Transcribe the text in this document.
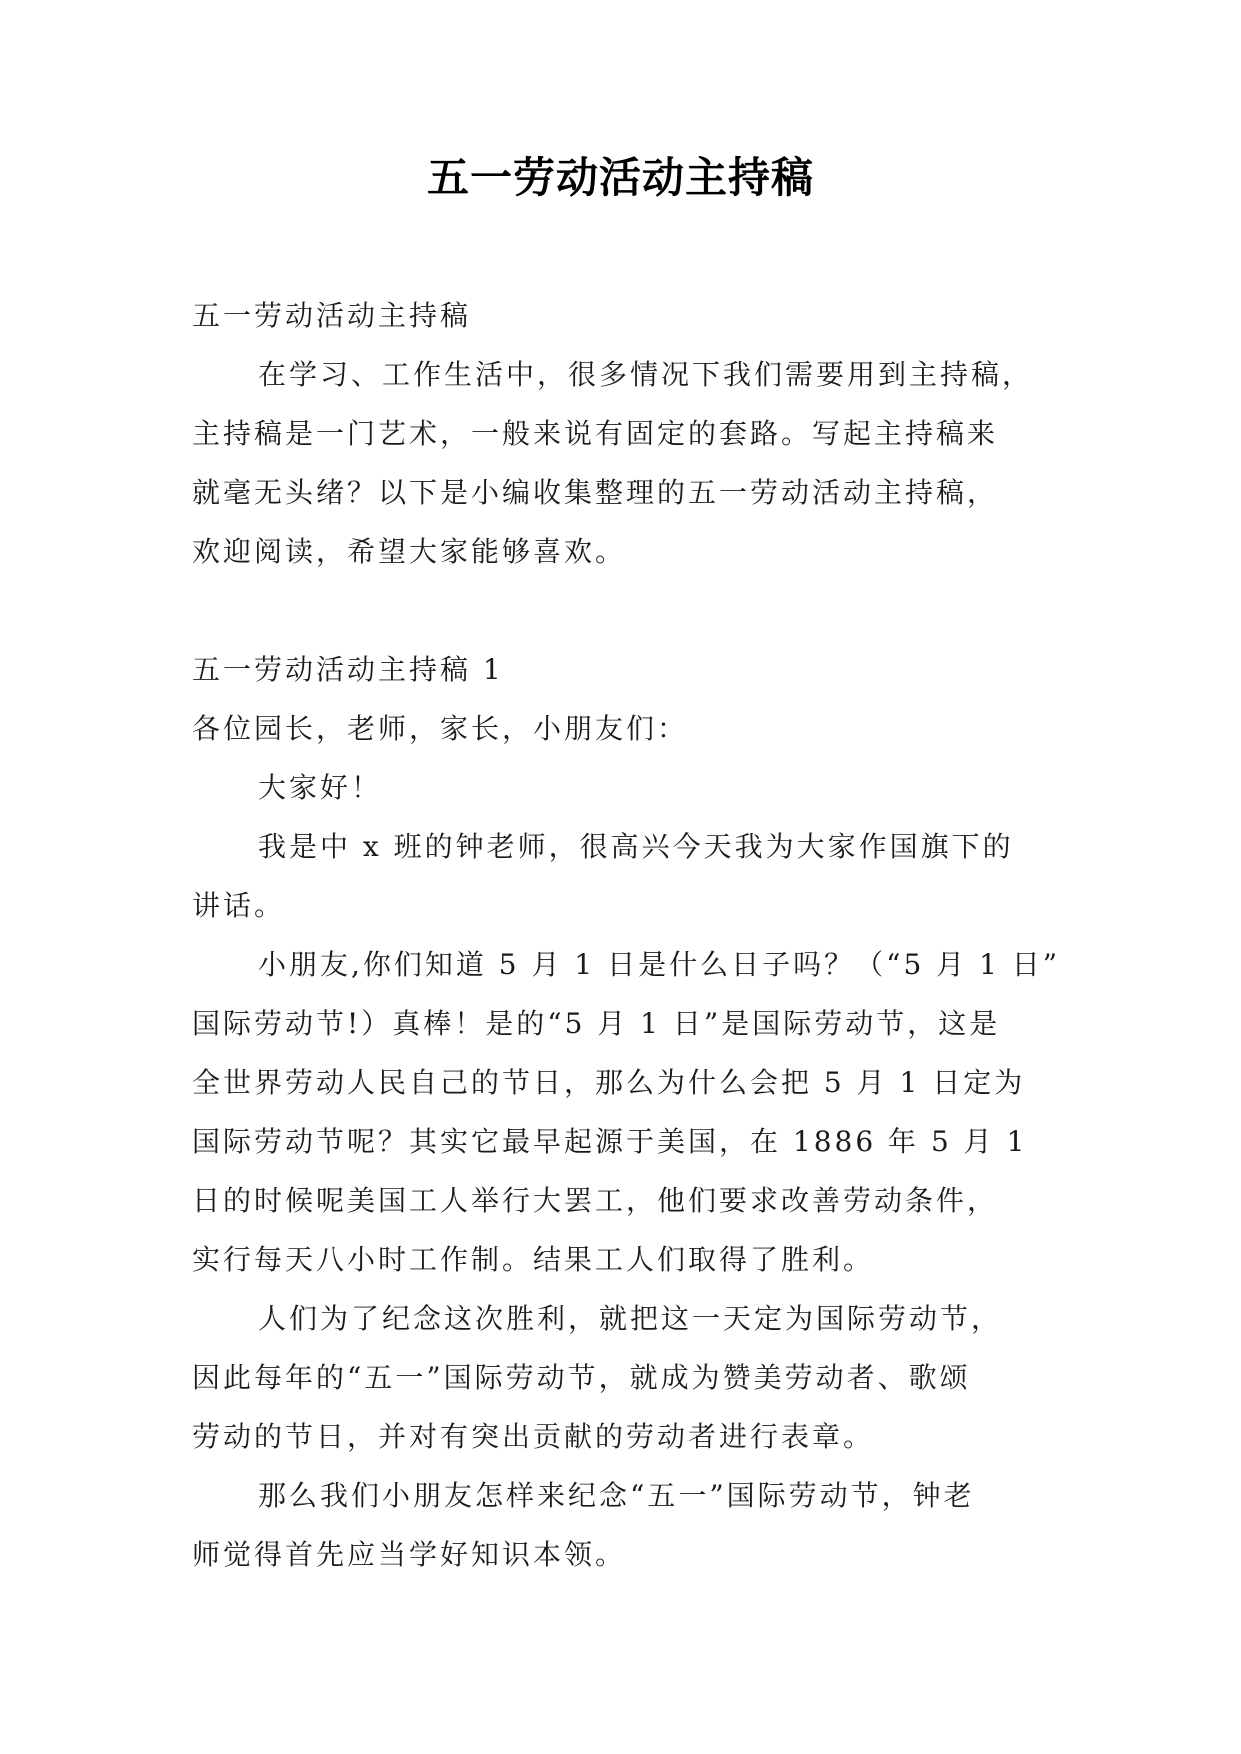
五一劳动活动主持稿
五一劳动活动主持稿
在学习、工作生活中，很多情况下我们需要用到主持稿，
主持稿是一门艺术，一般来说有固定的套路。写起主持稿来
就毫无头绪？以下是小编收集整理的五一劳动活动主持稿，
欢迎阅读，希望大家能够喜欢。
五一劳动活动主持稿 1
各位园长，老师，家长，小朋友们：
大家好！
我是中 x 班的钟老师，很高兴今天我为大家作国旗下的
讲话。
小朋友,你们知道 5 月 1 日是什么日子吗？（“5 月 1 日”
国际劳动节!）真棒！是的“5 月 1 日”是国际劳动节，这是
全世界劳动人民自己的节日，那么为什么会把 5 月 1 日定为
国际劳动节呢？其实它最早起源于美国，在 1886 年 5 月 1
日的时候呢美国工人举行大罢工，他们要求改善劳动条件，
实行每天八小时工作制。结果工人们取得了胜利。
人们为了纪念这次胜利，就把这一天定为国际劳动节，
因此每年的“五一”国际劳动节，就成为赞美劳动者、歌颂
劳动的节日，并对有突出贡献的劳动者进行表章。
那么我们小朋友怎样来纪念“五一”国际劳动节，钟老
师觉得首先应当学好知识本领。
